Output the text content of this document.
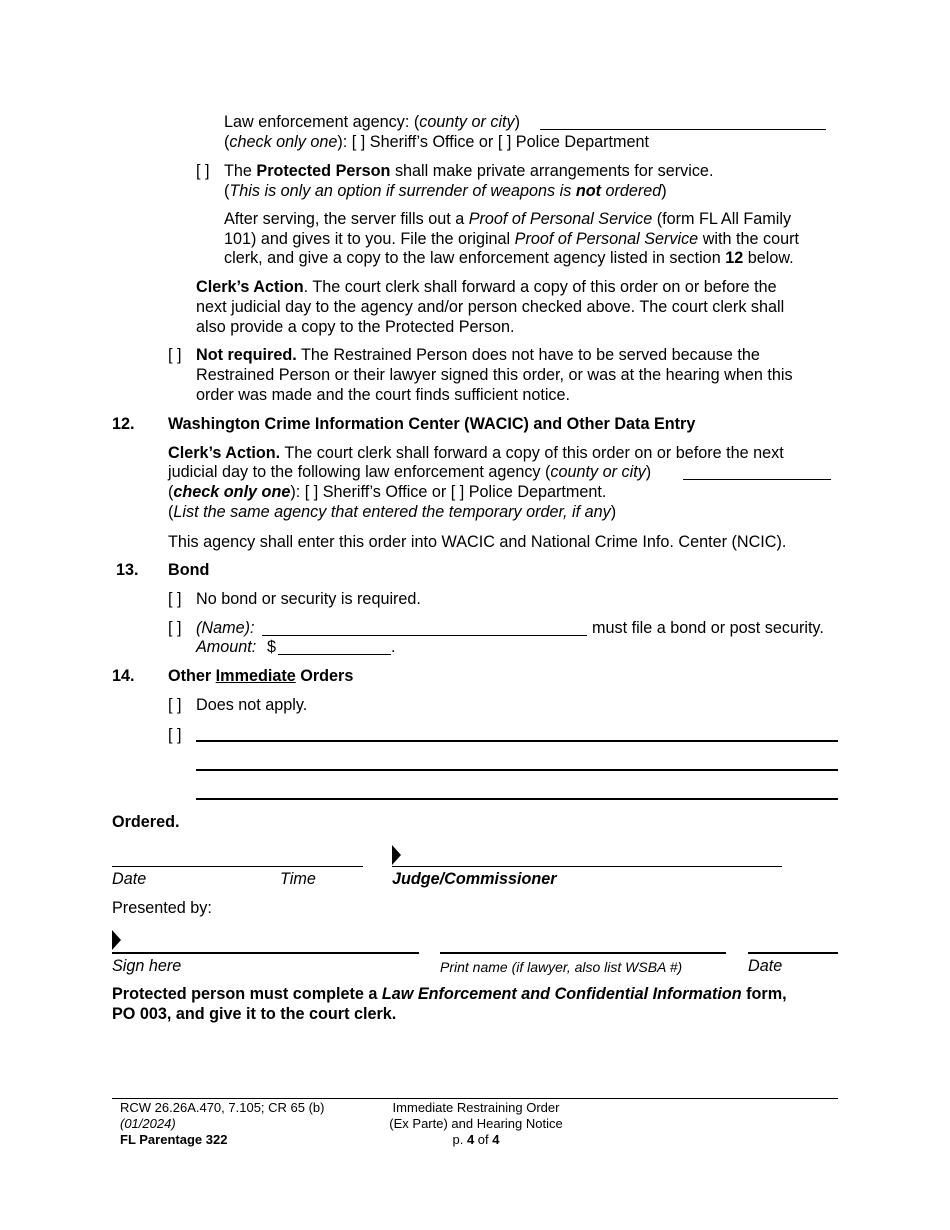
Law enforcement agency: (county or city)
(check only one): [ ] Sheriff’s Office or [ ] Police Department
[ ] The Protected Person shall make private arrangements for service.
(This is only an option if surrender of weapons is not ordered)
After serving, the server fills out a Proof of Personal Service (form FL All Family
101) and gives it to you. File the original Proof of Personal Service with the court
clerk, and give a copy to the law enforcement agency listed in section 12 below.
Clerk’s Action. The court clerk shall forward a copy of this order on or before the
next judicial day to the agency and/or person checked above. The court clerk shall
also provide a copy to the Protected Person.
[ ] Not required. The Restrained Person does not have to be served because the
Restrained Person or their lawyer signed this order, or was at the hearing when this
order was made and the court finds sufficient notice.
12. Washington Crime Information Center (WACIC) and Other Data Entry
Clerk’s Action. The court clerk shall forward a copy of this order on or before the next
judicial day to the following law enforcement agency (county or city)
(check only one): [ ] Sheriff’s Office or [ ] Police Department.
(List the same agency that entered the temporary order, if any)
This agency shall enter this order into WACIC and National Crime Info. Center (NCIC).
13. Bond
[ ] No bond or security is required.
[ ] (Name):	must file a bond or post security.
Amount: $	.
14. Other Immediate Orders
[ ] Does not apply.
[ ]
Ordered.
Date	Time	Judge/Commissioner
Presented by:
Sign here	Print name (if lawyer, also list WSBA #)	Date
Protected person must complete a Law Enforcement and Confidential Information form,
PO 003, and give it to the court clerk.
RCW 26.26A.470, 7.105; CR 65 (b)
(01/2024)
FL Parentage 322
Immediate Restraining Order
(Ex Parte) and Hearing Notice
p. 4 of 4
